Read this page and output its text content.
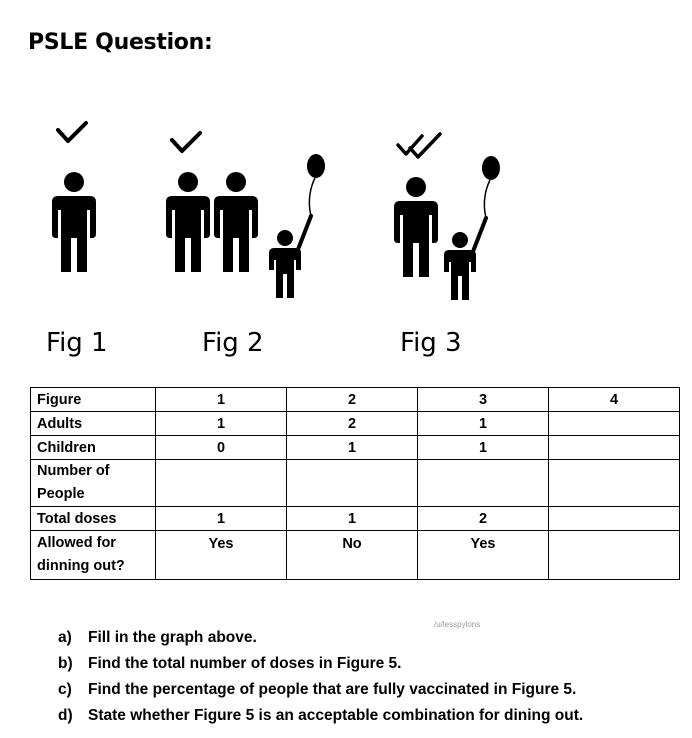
PSLE Question:
Fig 1	Fig 2	Fig 3
Figure	1	2	3	4
Adults	1	2	1	
Children	0	1	1	
Number of People				
Total doses	1	1	2	
Allowed for dinning out?	Yes	No	Yes	
/u/lesspylons
a) Fill in the graph above.
b) Find the total number of doses in Figure 5.
c) Find the percentage of people that are fully vaccinated in Figure 5.
d) State whether Figure 5 is an acceptable combination for dining out.
